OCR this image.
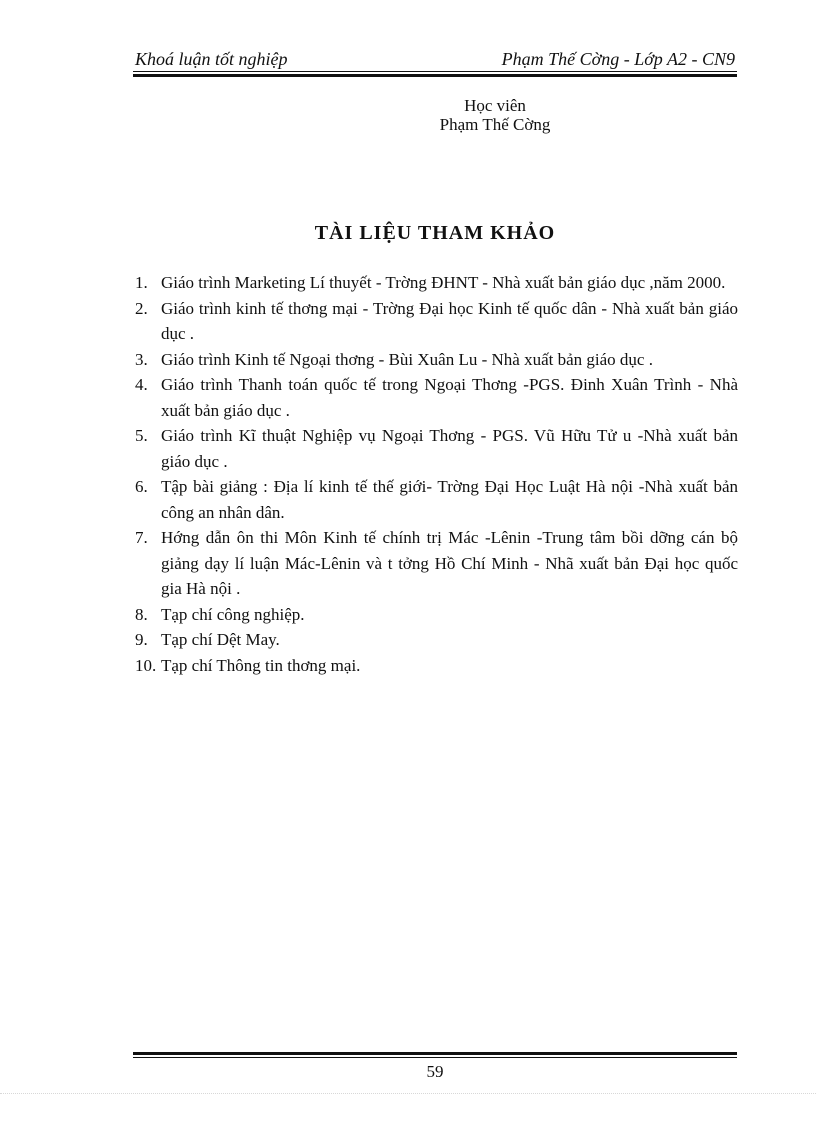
Khoá luận tốt nghiệp	Phạm Thế Cờng - Lớp A2 - CN9
Học viên
Phạm Thế Cờng
TÀI LIỆU THAM KHẢO
1. Giáo trình Marketing Lí thuyết - Trờng ĐHNT - Nhà xuất bản giáo dục ,năm 2000.
2. Giáo trình kinh tế thơng mại - Trờng Đại học Kinh tế quốc dân - Nhà xuất bản giáo dục .
3. Giáo trình Kinh tế Ngoại thơng - Bùi Xuân Lu - Nhà xuất bản giáo dục .
4. Giáo trình Thanh toán quốc tế trong Ngoại Thơng -PGS. Đinh Xuân Trình - Nhà xuất bản giáo dục .
5. Giáo trình Kĩ thuật Nghiệp vụ Ngoại Thơng - PGS. Vũ Hữu Tử u -Nhà xuất bản giáo dục .
6. Tập bài giảng : Địa lí kinh tế thế giới- Trờng Đại Học Luật Hà nội -Nhà xuất bản công an nhân dân.
7. Hớng dẫn ôn thi Môn Kinh tế chính trị Mác -Lênin -Trung tâm bồi dỡng cán bộ giảng dạy lí luận Mác-Lênin và t tởng Hồ Chí Minh - Nhã xuất bản Đại học quốc gia Hà nội .
8. Tạp chí công nghiệp.
9. Tạp chí Dệt May.
10. Tạp chí Thông tin thơng mại.
59
